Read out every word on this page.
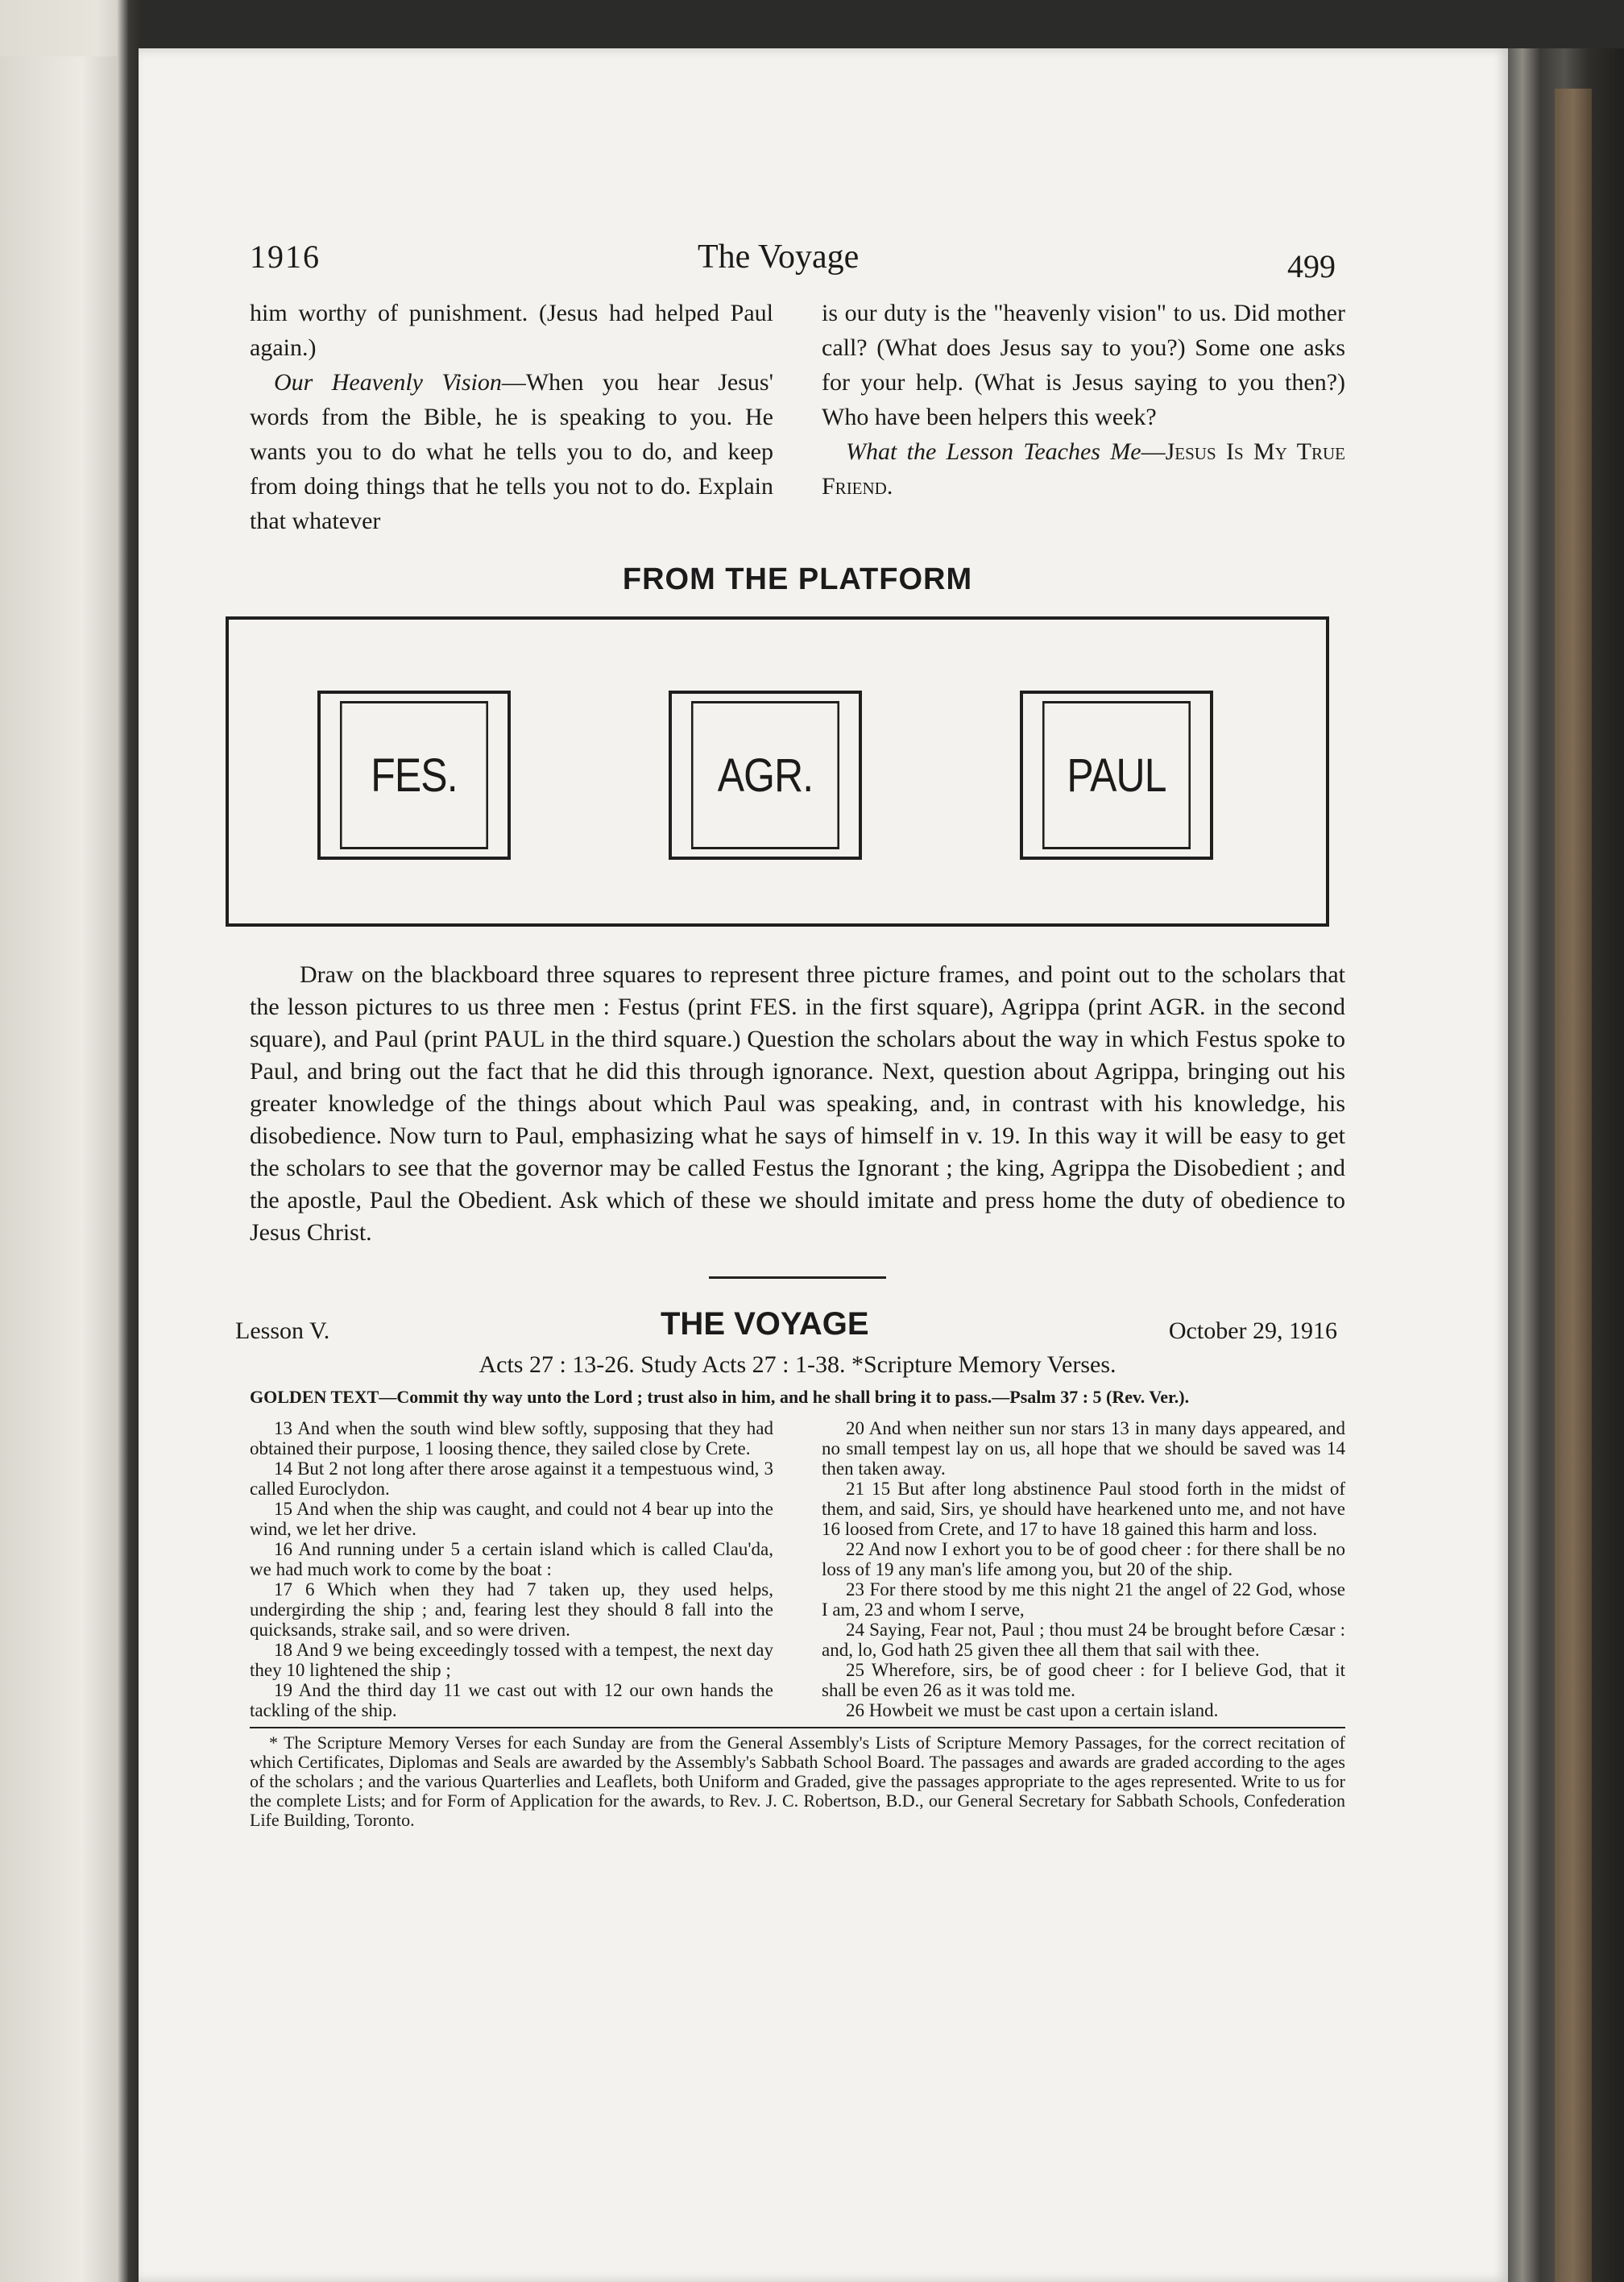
1916	The Voyage	499

him worthy of punishment. (Jesus had helped Paul again.)

Our Heavenly Vision—When you hear Jesus' words from the Bible, he is speaking to you. He wants you to do what he tells you to do, and keep from doing things that he tells you not to do. Explain that whatever

is our duty is the "heavenly vision" to us. Did mother call? (What does Jesus say to you?) Some one asks for your help. (What is Jesus saying to you then?) Who have been helpers this week?

What the Lesson Teaches Me—Jesus Is My True Friend.

FROM THE PLATFORM
FES.	AGR.	PAUL

Draw on the blackboard three squares to represent three picture frames, and point out to the scholars that the lesson pictures to us three men : Festus (print FES. in the first square), Agrippa (print AGR. in the second square), and Paul (print PAUL in the third square.) Question the scholars about the way in which Festus spoke to Paul, and bring out the fact that he did this through ignorance. Next, question about Agrippa, bringing out his greater knowledge of the things about which Paul was speaking, and, in contrast with his knowledge, his disobedience. Now turn to Paul, emphasizing what he says of himself in v. 19. In this way it will be easy to get the scholars to see that the governor may be called Festus the Ignorant ; the king, Agrippa the Disobedient ; and the apostle, Paul the Obedient. Ask which of these we should imitate and press home the duty of obedience to Jesus Christ.

Lesson V.	THE VOYAGE	October 29, 1916
Acts 27 : 13-26. Study Acts 27 : 1-38. *Scripture Memory Verses.
GOLDEN TEXT—Commit thy way unto the Lord ; trust also in him, and he shall bring it to pass.—Psalm 37 : 5 (Rev. Ver.).

13 And when the south wind blew softly, supposing that they had obtained their purpose, 1 loosing thence, they sailed close by Crete.

14 But 2 not long after there arose against it a tempestuous wind, 3 called Euroclydon.

15 And when the ship was caught, and could not 4 bear up into the wind, we let her drive.

16 And running under 5 a certain island which is called Clau'da, we had much work to come by the boat :

17 6 Which when they had 7 taken up, they used helps, undergirding the ship ; and, fearing lest they should 8 fall into the quicksands, strake sail, and so were driven.

18 And 9 we being exceedingly tossed with a tempest, the next day they 10 lightened the ship ;

19 And the third day 11 we cast out with 12 our own hands the tackling of the ship.

20 And when neither sun nor stars 13 in many days appeared, and no small tempest lay on us, all hope that we should be saved was 14 then taken away.

21 15 But after long abstinence Paul stood forth in the midst of them, and said, Sirs, ye should have hearkened unto me, and not have 16 loosed from Crete, and 17 to have 18 gained this harm and loss.

22 And now I exhort you to be of good cheer : for there shall be no loss of 19 any man's life among you, but 20 of the ship.

23 For there stood by me this night 21 the angel of 22 God, whose I am, 23 and whom I serve,

24 Saying, Fear not, Paul ; thou must 24 be brought before Cæsar : and, lo, God hath 25 given thee all them that sail with thee.

25 Wherefore, sirs, be of good cheer : for I believe God, that it shall be even 26 as it was told me.

26 Howbeit we must be cast upon a certain island.

* The Scripture Memory Verses for each Sunday are from the General Assembly's Lists of Scripture Memory Passages, for the correct recitation of which Certificates, Diplomas and Seals are awarded by the Assembly's Sabbath School Board. The passages and awards are graded according to the ages of the scholars ; and the various Quarterlies and Leaflets, both Uniform and Graded, give the passages appropriate to the ages represented. Write to us for the complete Lists; and for Form of Application for the awards, to Rev. J. C. Robertson, B.D., our General Secretary for Sabbath Schools, Confederation Life Building, Toronto.
